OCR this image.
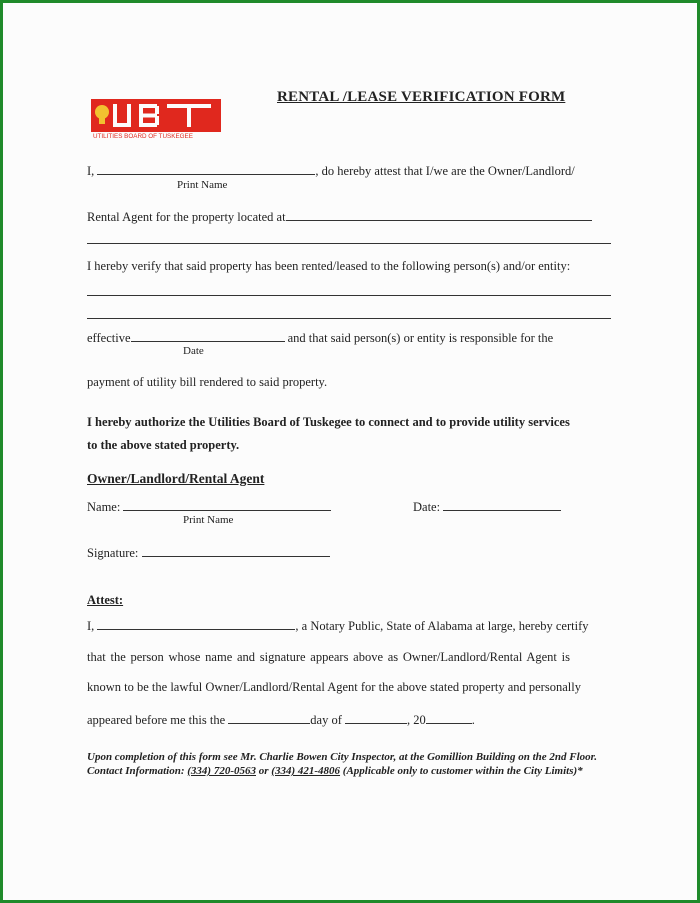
UTILITIES BOARD OF TUSKEGEE
RENTAL /LEASE VERIFICATION FORM
I,	, do hereby attest that I/we are the Owner/Landlord/
Print Name
Rental Agent for the property located at
I hereby verify that said property has been rented/leased to the following person(s) and/or entity:
effective	and that said person(s) or entity is responsible for the
Date
payment of utility bill rendered to said property.
I hereby authorize the Utilities Board of Tuskegee to connect and to provide utility services
to the above stated property.
Owner/Landlord/Rental Agent
Name:
Print Name
Date:
Signature:
Attest:
I,	, a Notary Public, State of Alabama at large, hereby certify
that the person whose name and signature appears above as Owner/Landlord/Rental Agent is
known to be the lawful Owner/Landlord/Rental Agent for the above stated property and personally
appeared before me this the	day of	, 20	.
Upon completion of this form see Mr. Charlie Bowen City Inspector, at the Gomillion Building on the 2nd Floor.
Contact Information: (334) 720-0563 or (334) 421-4806 (Applicable only to customer within the City Limits)*
